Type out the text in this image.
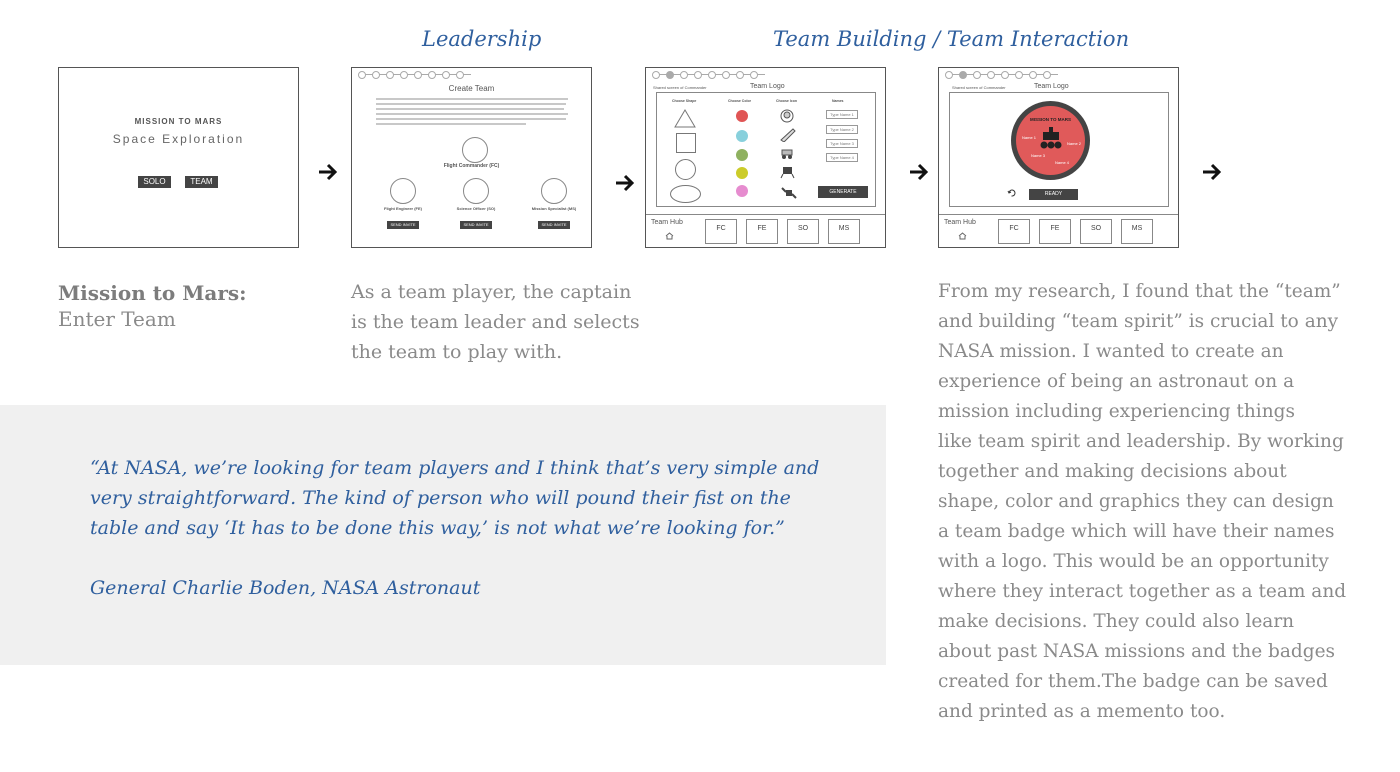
Leadership	Team Building / Team Interaction
MISSION TO MARS
Space Exploration
SOLO	TEAM
Create Team
Flight Commander (FC)
Flight Engineer (FE)	Science Officer (SO)	Mission Specialist (MS)
SEND INVITE	SEND INVITE	SEND INVITE
Shared screen of Commander	Team Logo
Choose Shape	Choose Color	Choose Icon	Names
Type Name 1
Type Name 2
Type Name 3
Type Name 4
GENERATE
Team Hub
FC	FE	SO	MS
Shared screen of Commander	Team Logo
MISSION TO MARS
Name 1
Name 2
Name 3
Name 4
READY
Team Hub
FC	FE	SO	MS
Mission to Mars:
Enter Team
As a team player, the captain
is the team leader and selects
the team to play with.
From my research, I found that the “team”
and building “team spirit” is crucial to any
NASA mission. I wanted to create an
experience of being an astronaut on a
mission including experiencing things
like team spirit and leadership. By working
together and making decisions about
shape, color and graphics they can design
a team badge which will have their names
with a logo. This would be an opportunity
where they interact together as a team and
make decisions. They could also learn
about past NASA missions and the badges
created for them.The badge can be saved
and printed as a memento too.
“At NASA, we’re looking for team players and I think that’s very simple and
very straightforward. The kind of person who will pound their fist on the
table and say ‘It has to be done this way,’ is not what we’re looking for.”
General Charlie Boden, NASA Astronaut
